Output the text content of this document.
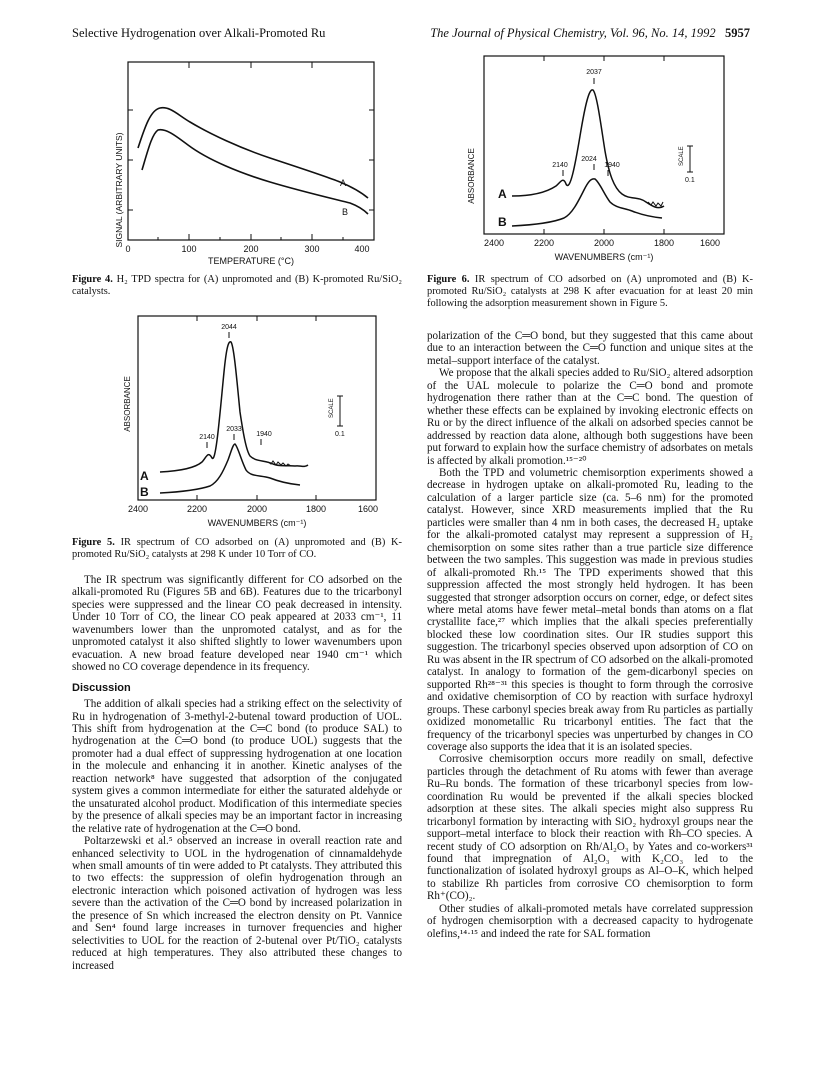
Selective Hydrogenation over Alkali-Promoted Ru	The Journal of Physical Chemistry, Vol. 96, No. 14, 1992 5957
SIGNAL (ARBITRARY UNITS)	A
B
0	100	200	300	400
TEMPERATURE (°C)
Figure 4. H₂ TPD spectra for (A) unpromoted and (B) K-promoted Ru/SiO₂ catalysts.
ABSORBANCE
2044
2033
2140	1940
SCALE
0.1
A
B
2400	2200	2000	1800	1600
WAVENUMBERS (cm⁻¹)
Figure 5. IR spectrum of CO adsorbed on (A) unpromoted and (B) K-promoted Ru/SiO₂ catalysts at 298 K under 10 Torr of CO.
ABSORBANCE
2037
2140
2024
1940	SCALE
0.1
A
B
2400	2200	2000	1800	1600
WAVENUMBERS (cm⁻¹)
Figure 6. IR spectrum of CO adsorbed on (A) unpromoted and (B) K-promoted Ru/SiO₂ catalysts at 298 K after evacuation for at least 20 min following the adsorption measurement shown in Figure 5.

The IR spectrum was significantly different for CO adsorbed on the alkali-promoted Ru (Figures 5B and 6B). Features due to the tricarbonyl species were suppressed and the linear CO peak decreased in intensity. Under 10 Torr of CO, the linear CO peak appeared at 2033 cm⁻¹, 11 wavenumbers lower than the unpromoted catalyst, and as for the unpromoted catalyst it also shifted slightly to lower wavenumbers upon evacuation. A new broad feature developed near 1940 cm⁻¹ which showed no CO coverage dependence in its frequency.

Discussion

The addition of alkali species had a striking effect on the selectivity of Ru in hydrogenation of 3-methyl-2-butenal toward production of UOL. This shift from hydrogenation at the C═C bond (to produce SAL) to hydrogenation at the C═O bond (to produce UOL) suggests that the promoter had a dual effect of suppressing hydrogenation at one location in the molecule and enhancing it in another. Kinetic analyses of the reaction network⁸ have suggested that adsorption of the conjugated system gives a common intermediate for either the saturated aldehyde or the unsaturated alcohol product. Modification of this intermediate species by the presence of alkali species may be an important factor in increasing the relative rate of hydrogenation at the C═O bond.

Poltarzewski et al.⁵ observed an increase in overall reaction rate and enhanced selectivity to UOL in the hydrogenation of cinnamaldehyde when small amounts of tin were added to Pt catalysts. They attributed this to two effects: the suppression of olefin hydrogenation through an electronic interaction which poisoned activation of hydrogen was less severe than the activation of the C═O bond by increased polarization in the presence of Sn which increased the electron density on Pt. Vannice and Sen⁴ found large increases in turnover frequencies and higher selectivities to UOL for the reaction of 2-butenal over Pt/TiO₂ catalysts reduced at high temperatures. They also attributed these changes to increased

polarization of the C═O bond, but they suggested that this came about due to an interaction between the C═O function and unique sites at the metal–support interface of the catalyst.

We propose that the alkali species added to Ru/SiO₂ altered adsorption of the UAL molecule to polarize the C═O bond and promote hydrogenation there rather than at the C═C bond. The question of whether these effects can be explained by invoking electronic effects on Ru or by the direct influence of the alkali on adsorbed species cannot be addressed by reaction data alone, although both suggestions have been put forward to explain how the surface chemistry of adsorbates on metals is affected by alkali promotion.¹⁵⁻²⁰

Both the TPD and volumetric chemisorption experiments showed a decrease in hydrogen uptake on alkali-promoted Ru, leading to the calculation of a larger particle size (ca. 5–6 nm) for the promoted catalyst. However, since XRD measurements implied that the Ru particles were smaller than 4 nm in both cases, the decreased H₂ uptake for the alkali-promoted catalyst may represent a suppression of H₂ chemisorption on some sites rather than a true particle size difference between the two samples. This suggestion was made in previous studies of alkali-promoted Rh.¹⁵ The TPD experiments showed that this suppression affected the most strongly held hydrogen. It has been suggested that stronger adsorption occurs on corner, edge, or defect sites where metal atoms have fewer metal–metal bonds than atoms on a flat crystallite face,²⁷ which implies that the alkali species preferentially blocked these low coordination sites. Our IR studies support this suggestion. The tricarbonyl species observed upon adsorption of CO on Ru was absent in the IR spectrum of CO adsorbed on the alkali-promoted catalyst. In analogy to formation of the gem-dicarbonyl species on supported Rh²⁸⁻³¹ this species is thought to form through the corrosive and oxidative chemisorption of CO by reaction with surface hydroxyl groups. These carbonyl species break away from Ru particles as partially oxidized monometallic Ru tricarbonyl entities. The fact that the frequency of the tricarbonyl species was unperturbed by changes in CO coverage also supports the idea that it is an isolated species.

Corrosive chemisorption occurs more readily on small, defective particles through the detachment of Ru atoms with fewer than average Ru–Ru bonds. The formation of these tricarbonyl species from low-coordination Ru would be prevented if the alkali species blocked adsorption at these sites. The alkali species might also suppress Ru tricarbonyl formation by interacting with SiO₂ hydroxyl groups near the support–metal interface to block their reaction with Rh–CO species. A recent study of CO adsorption on Rh/Al₂O₃ by Yates and co-workers³¹ found that impregnation of Al₂O₃ with K₂CO₃ led to the functionalization of isolated hydroxyl groups as Al–O–K, which helped to stabilize Rh particles from corrosive CO chemisorption to form Rh⁺(CO)₂.

Other studies of alkali-promoted metals have correlated suppression of hydrogen chemisorption with a decreased capacity to hydrogenate olefins,¹⁴·¹⁵ and indeed the rate for SAL formation
